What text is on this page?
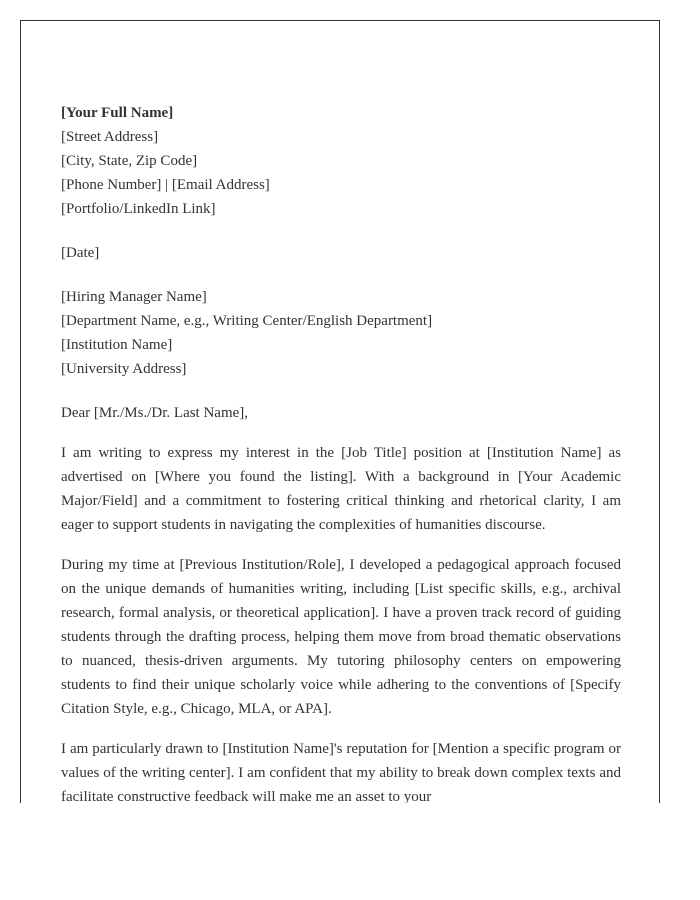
[Your Full Name]
[Street Address]
[City, State, Zip Code]
[Phone Number] | [Email Address]
[Portfolio/LinkedIn Link]
[Date]
[Hiring Manager Name]
[Department Name, e.g., Writing Center/English Department]
[Institution Name]
[University Address]
Dear [Mr./Ms./Dr. Last Name],

I am writing to express my interest in the [Job Title] position at [Institution Name] as advertised on [Where you found the listing]. With a background in [Your Academic Major/Field] and a commitment to fostering critical thinking and rhetorical clarity, I am eager to support students in navigating the complexities of humanities discourse.

During my time at [Previous Institution/Role], I developed a pedagogical approach focused on the unique demands of humanities writing, including [List specific skills, e.g., archival research, formal analysis, or theoretical application]. I have a proven track record of guiding students through the drafting process, helping them move from broad thematic observations to nuanced, thesis-driven arguments. My tutoring philosophy centers on empowering students to find their unique scholarly voice while adhering to the conventions of [Specify Citation Style, e.g., Chicago, MLA, or APA].

I am particularly drawn to [Institution Name]'s reputation for [Mention a specific program or values of the writing center]. I am confident that my ability to break down complex texts and facilitate constructive feedback will make me an asset to your
